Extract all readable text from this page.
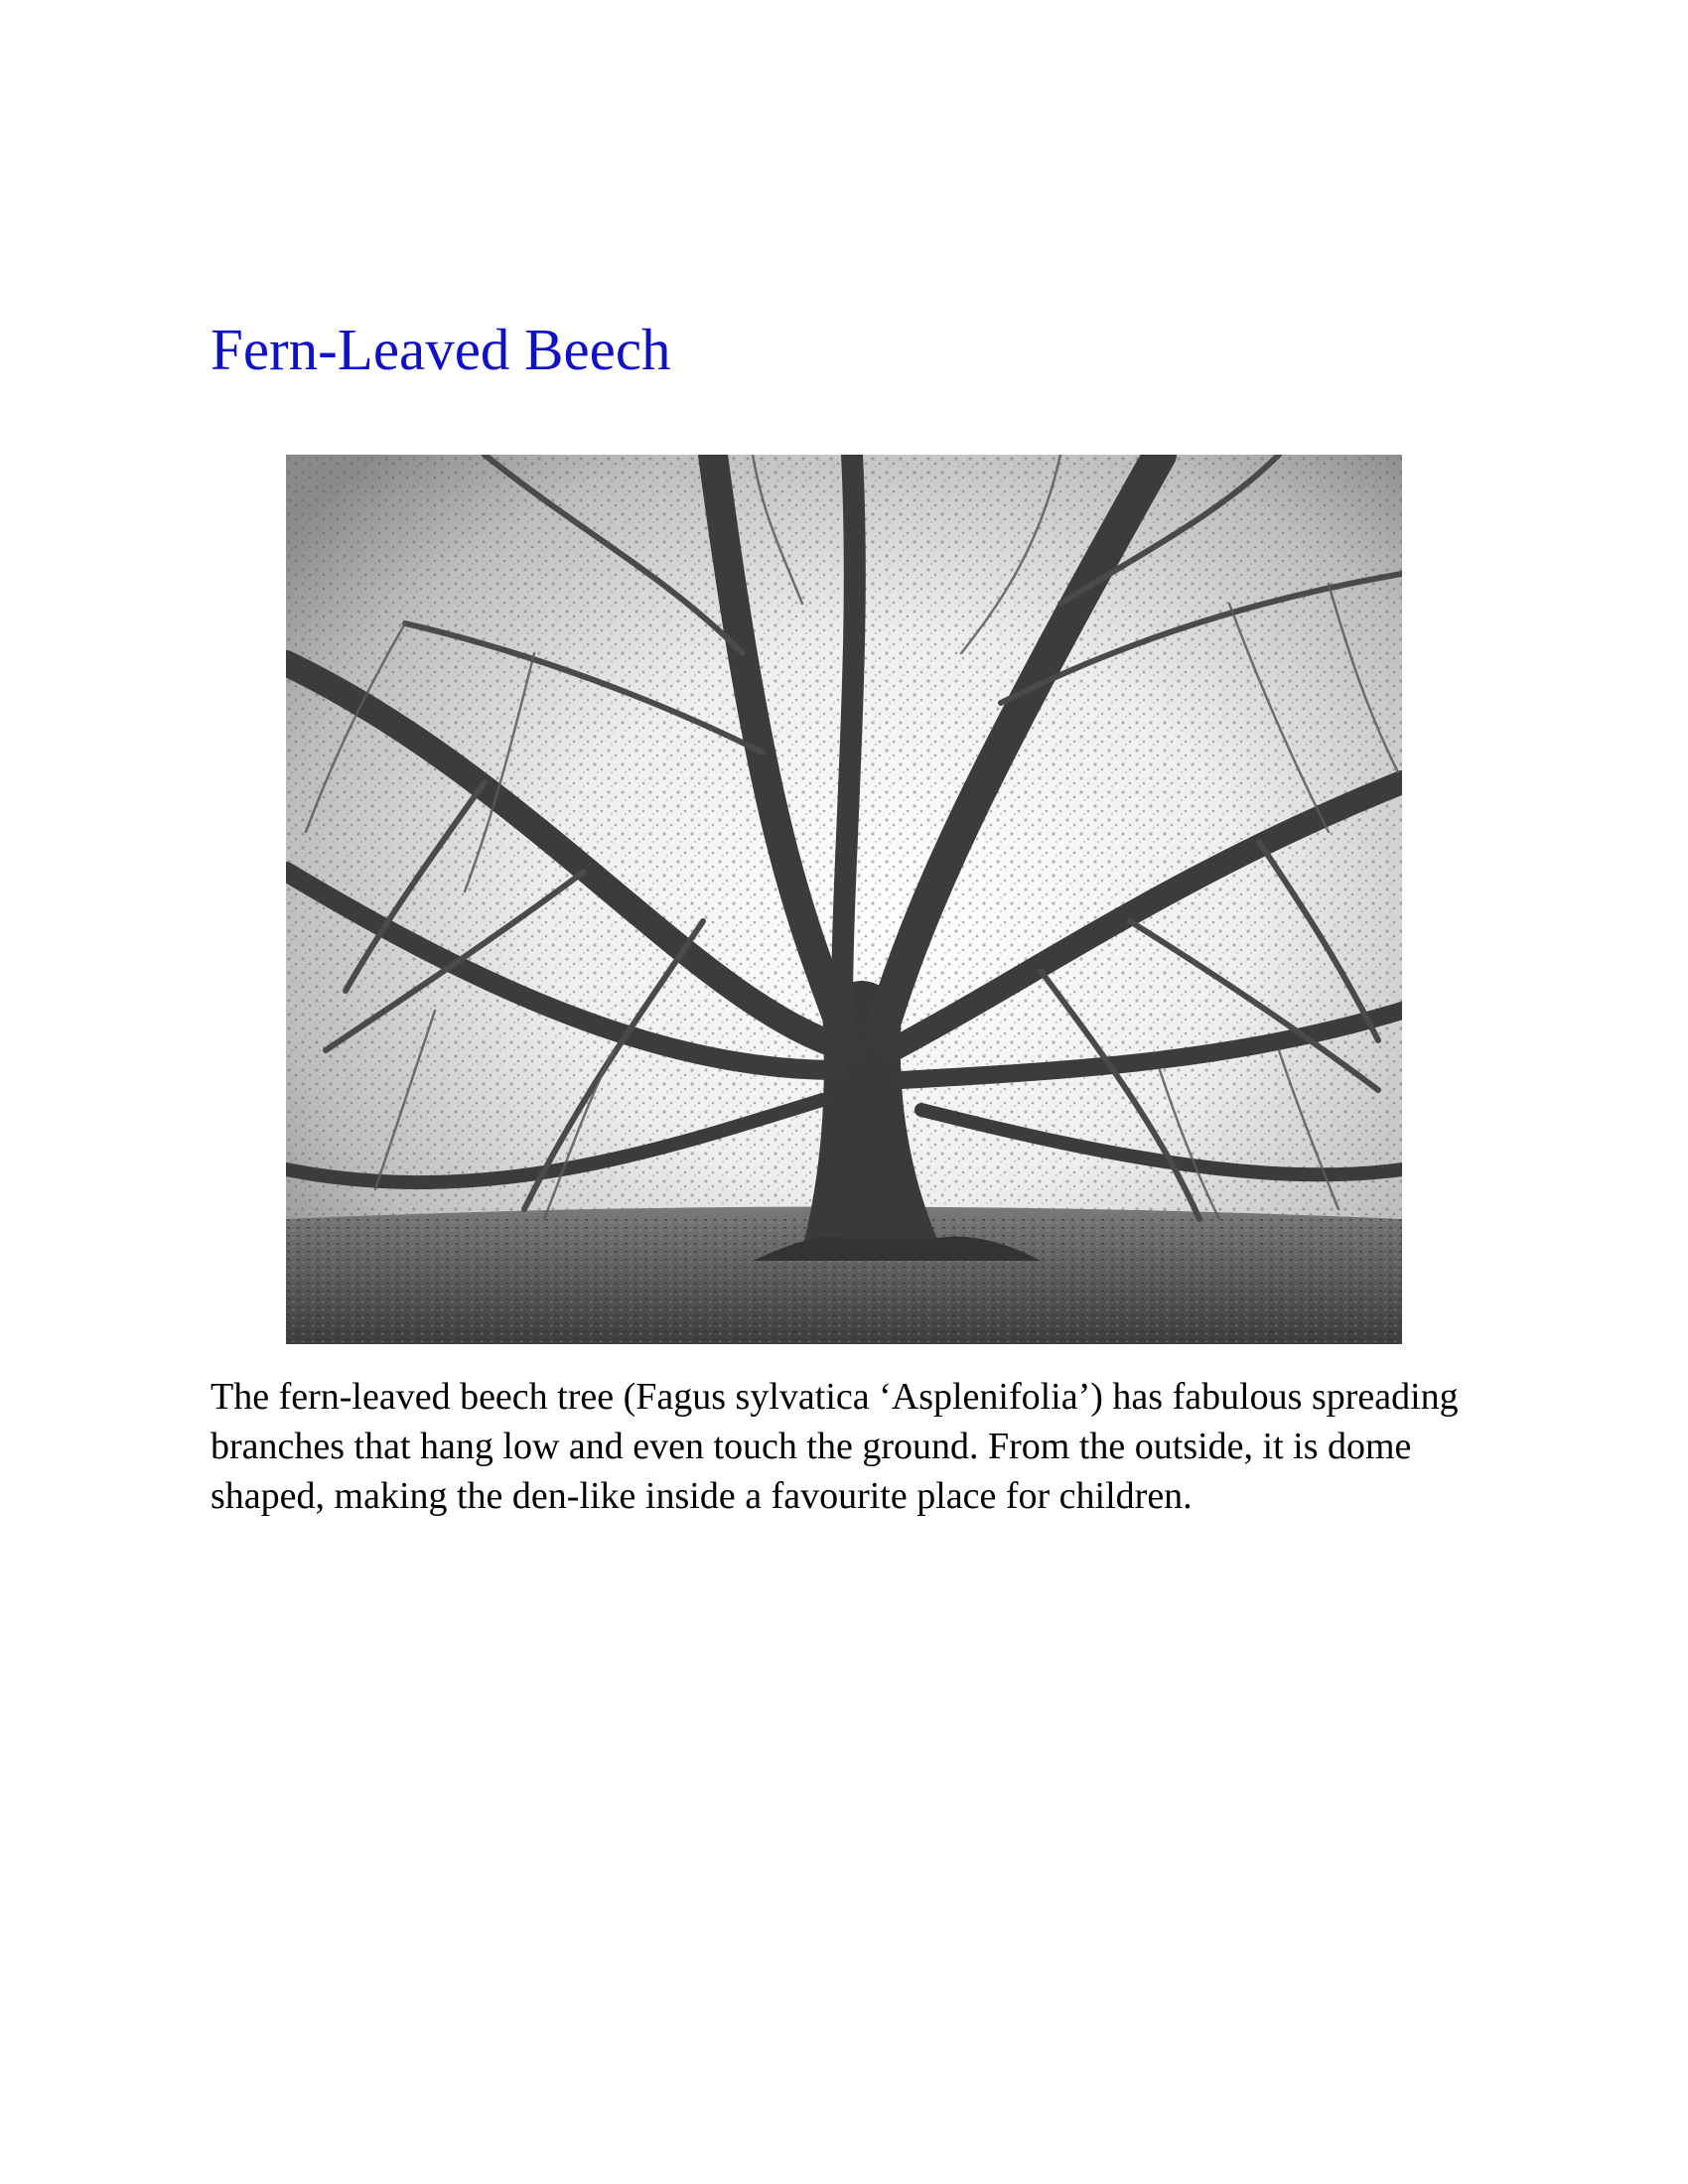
Fern-Leaved Beech

The fern-leaved beech tree (Fagus sylvatica ‘Asplenifolia’) has fabulous spreading branches that hang low and even touch the ground. From the outside, it is dome shaped, making the den-like inside a favourite place for children.
